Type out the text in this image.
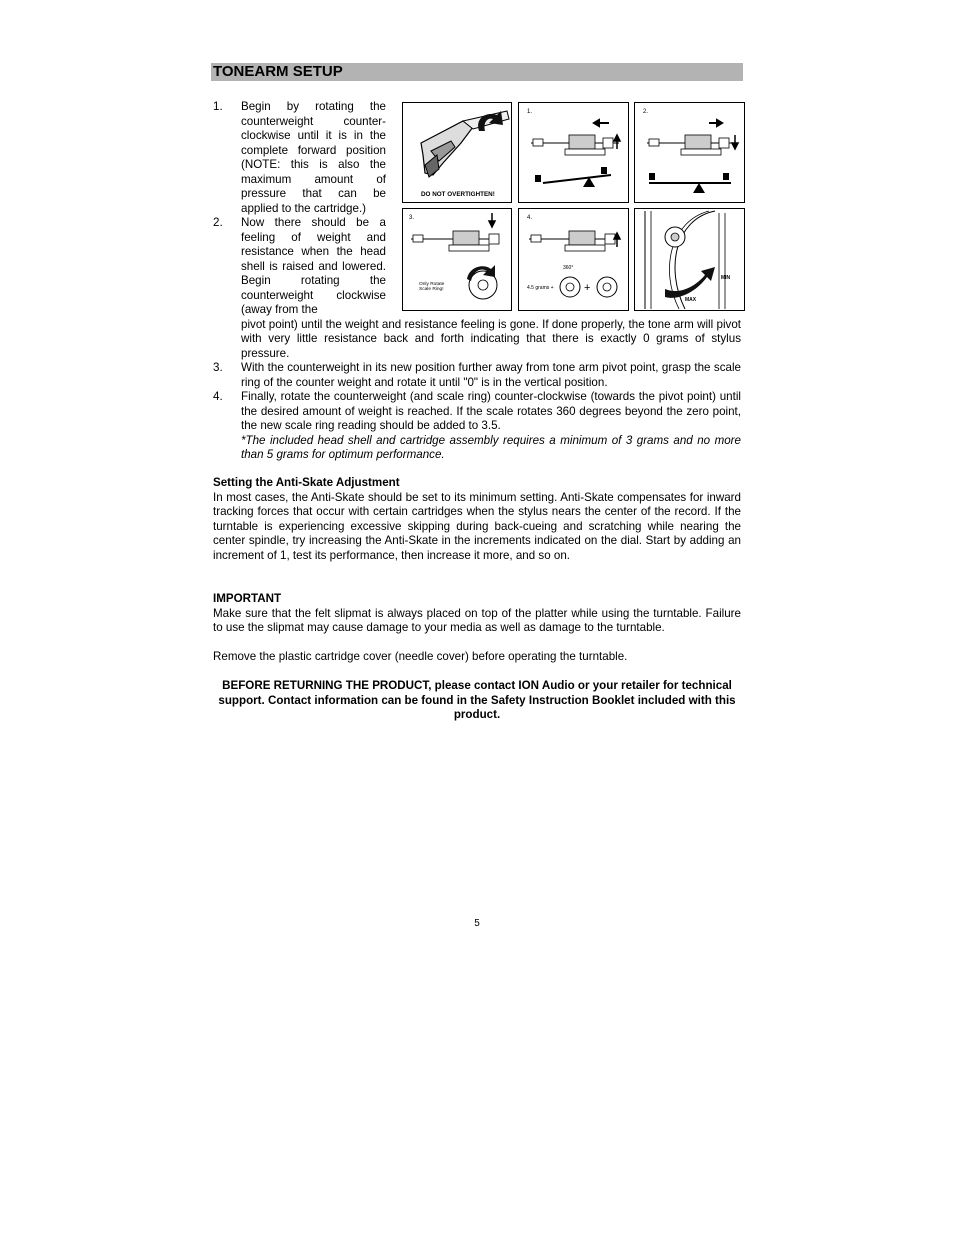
TONEARM SETUP
DO NOT OVERTIGHTEN!
1.	2.
3.
Only Rotate
Scale Ring!
4.
360°
4.5 grams +	+
MIN
MAX
1. Begin by rotating the counterweight counter-clockwise until it is in the complete forward position (NOTE: this is also the maximum amount of pressure that can be applied to the cartridge.)
2. Now there should be a feeling of weight and resistance when the head shell is raised and lowered. Begin rotating the counterweight clockwise (away from the
pivot point) until the weight and resistance feeling is gone. If done properly, the tone arm will pivot with very little resistance back and forth indicating that there is exactly 0 grams of stylus pressure.
3. With the counterweight in its new position further away from tone arm pivot point, grasp the scale ring of the counter weight and rotate it until "0" is in the vertical position.
4. Finally, rotate the counterweight (and scale ring) counter-clockwise (towards the pivot point) until the desired amount of weight is reached. If the scale rotates 360 degrees beyond the zero point, the new scale ring reading should be added to 3.5.
*The included head shell and cartridge assembly requires a minimum of 3 grams and no more than 5 grams for optimum performance.
Setting the Anti-Skate Adjustment
In most cases, the Anti-Skate should be set to its minimum setting. Anti-Skate compensates for inward tracking forces that occur with certain cartridges when the stylus nears the center of the record. If the turntable is experiencing excessive skipping during back-cueing and scratching while nearing the center spindle, try increasing the Anti-Skate in the increments indicated on the dial. Start by adding an increment of 1, test its performance, then increase it more, and so on.
IMPORTANT
Make sure that the felt slipmat is always placed on top of the platter while using the turntable. Failure to use the slipmat may cause damage to your media as well as damage to the turntable.
Remove the plastic cartridge cover (needle cover) before operating the turntable.
BEFORE RETURNING THE PRODUCT, please contact ION Audio or your retailer for technical support. Contact information can be found in the Safety Instruction Booklet included with this product.
5
